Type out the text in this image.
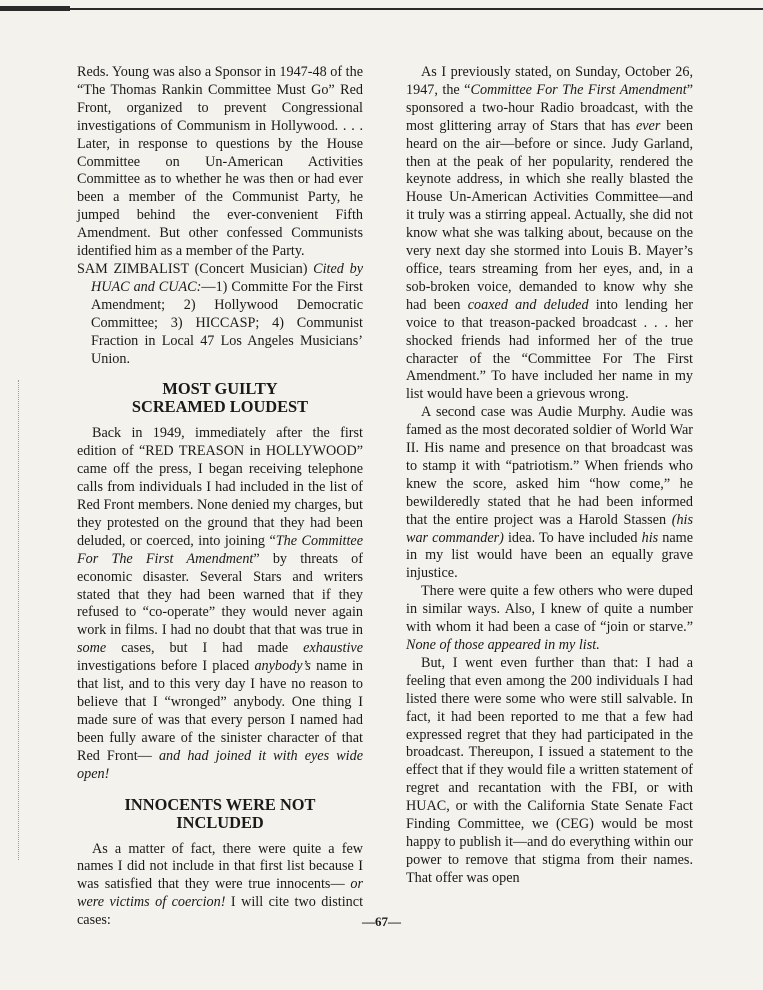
Reds. Young was also a Sponsor in 1947-48 of the “The Thomas Rankin Committee Must Go” Red Front, organized to prevent Congressional investigations of Communism in Hollywood. . . . Later, in response to questions by the House Committee on Un-American Activities Committee as to whether he was then or had ever been a member of the Communist Party, he jumped behind the ever-convenient Fifth Amendment. But other confessed Communists identified him as a member of the Party.

SAM ZIMBALIST (Concert Musician) Cited by HUAC and CUAC:—1) Committe For the First Amendment; 2) Hollywood Democratic Committee; 3) HICCASP; 4) Communist Fraction in Local 47 Los Angeles Musicians’ Union.

MOST GUILTY
SCREAMED LOUDEST

Back in 1949, immediately after the first edition of “RED TREASON in HOLLYWOOD” came off the press, I began receiving telephone calls from individuals I had included in the list of Red Front members. None denied my charges, but they protested on the ground that they had been deluded, or coerced, into joining “The Committee For The First Amendment” by threats of economic disaster. Several Stars and writers stated that they had been warned that if they refused to “co-operate” they would never again work in films. I had no doubt that that was true in some cases, but I had made exhaustive investigations before I placed anybody’s name in that list, and to this very day I have no reason to believe that I “wronged” anybody. One thing I made sure of was that every person I named had been fully aware of the sinister character of that Red Front— and had joined it with eyes wide open!

INNOCENTS WERE NOT
INCLUDED

As a matter of fact, there were quite a few names I did not include in that first list because I was satisfied that they were true innocents— or were victims of coercion! I will cite two distinct cases:

As I previously stated, on Sunday, October 26, 1947, the “Committee For The First Amendment” sponsored a two-hour Radio broadcast, with the most glittering array of Stars that has ever been heard on the air—before or since. Judy Garland, then at the peak of her popularity, rendered the keynote address, in which she really blasted the House Un-American Activities Committee—and it truly was a stirring appeal. Actually, she did not know what she was talking about, because on the very next day she stormed into Louis B. Mayer’s office, tears streaming from her eyes, and, in a sob-broken voice, demanded to know why she had been coaxed and deluded into lending her voice to that treason-packed broadcast . . . her shocked friends had informed her of the true character of the “Committee For The First Amendment.” To have included her name in my list would have been a grievous wrong.

A second case was Audie Murphy. Audie was famed as the most decorated soldier of World War II. His name and presence on that broadcast was to stamp it with “patriotism.” When friends who knew the score, asked him “how come,” he bewilderedly stated that he had been informed that the entire project was a Harold Stassen (his war commander) idea. To have included his name in my list would have been an equally grave injustice.

There were quite a few others who were duped in similar ways. Also, I knew of quite a number with whom it had been a case of “join or starve.” None of those appeared in my list.

But, I went even further than that: I had a feeling that even among the 200 individuals I had listed there were some who were still salvable. In fact, it had been reported to me that a few had expressed regret that they had participated in the broadcast. Thereupon, I issued a statement to the effect that if they would file a written statement of regret and recantation with the FBI, or with HUAC, or with the California State Senate Fact Finding Committee, we (CEG) would be most happy to publish it—and do everything within our power to remove that stigma from their names. That offer was open

—67—
